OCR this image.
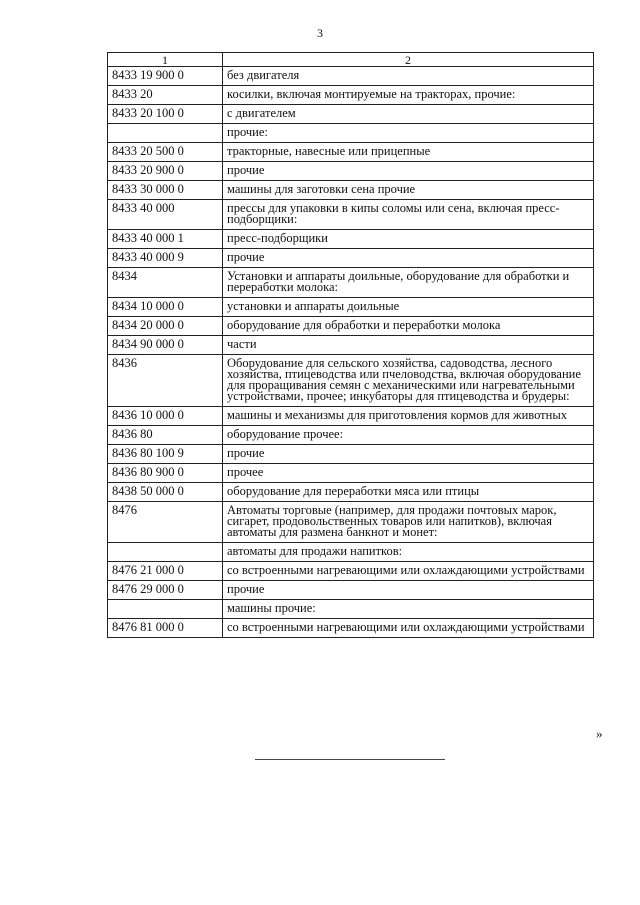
3
1	2
8433 19 900 0	без двигателя
8433 20	косилки, включая монтируемые на тракторах, прочие:
8433 20 100 0	с двигателем
	прочие:
8433 20 500 0	тракторные, навесные или прицепные
8433 20 900 0	прочие
8433 30 000 0	машины для заготовки сена прочие
8433 40 000	прессы для упаковки в кипы соломы или сена, включая пресс-подборщики:
8433 40 000 1	пресс-подборщики
8433 40 000 9	прочие
8434	Установки и аппараты доильные, оборудование для обработки и переработки молока:
8434 10 000 0	установки и аппараты доильные
8434 20 000 0	оборудование для обработки и переработки молока
8434 90 000 0	части
8436	Оборудование для сельского хозяйства, садоводства, лесного хозяйства, птицеводства или пчеловодства, включая оборудование для проращивания семян с механическими или нагревательными устройствами, прочее; инкубаторы для птицеводства и брудеры:
8436 10 000 0	машины и механизмы для приготовления кормов для животных
8436 80	оборудование прочее:
8436 80 100 9	прочие
8436 80 900 0	прочее
8438 50 000 0	оборудование для переработки мяса или птицы
8476	Автоматы торговые (например, для продажи почтовых марок, сигарет, продовольственных товаров или напитков), включая автоматы для размена банкнот и монет:
	автоматы для продажи напитков:
8476 21 000 0	со встроенными нагревающими или охлаждающими устройствами
8476 29 000 0	прочие
	машины прочие:
8476 81 000 0	со встроенными нагревающими или охлаждающими устройствами
»
